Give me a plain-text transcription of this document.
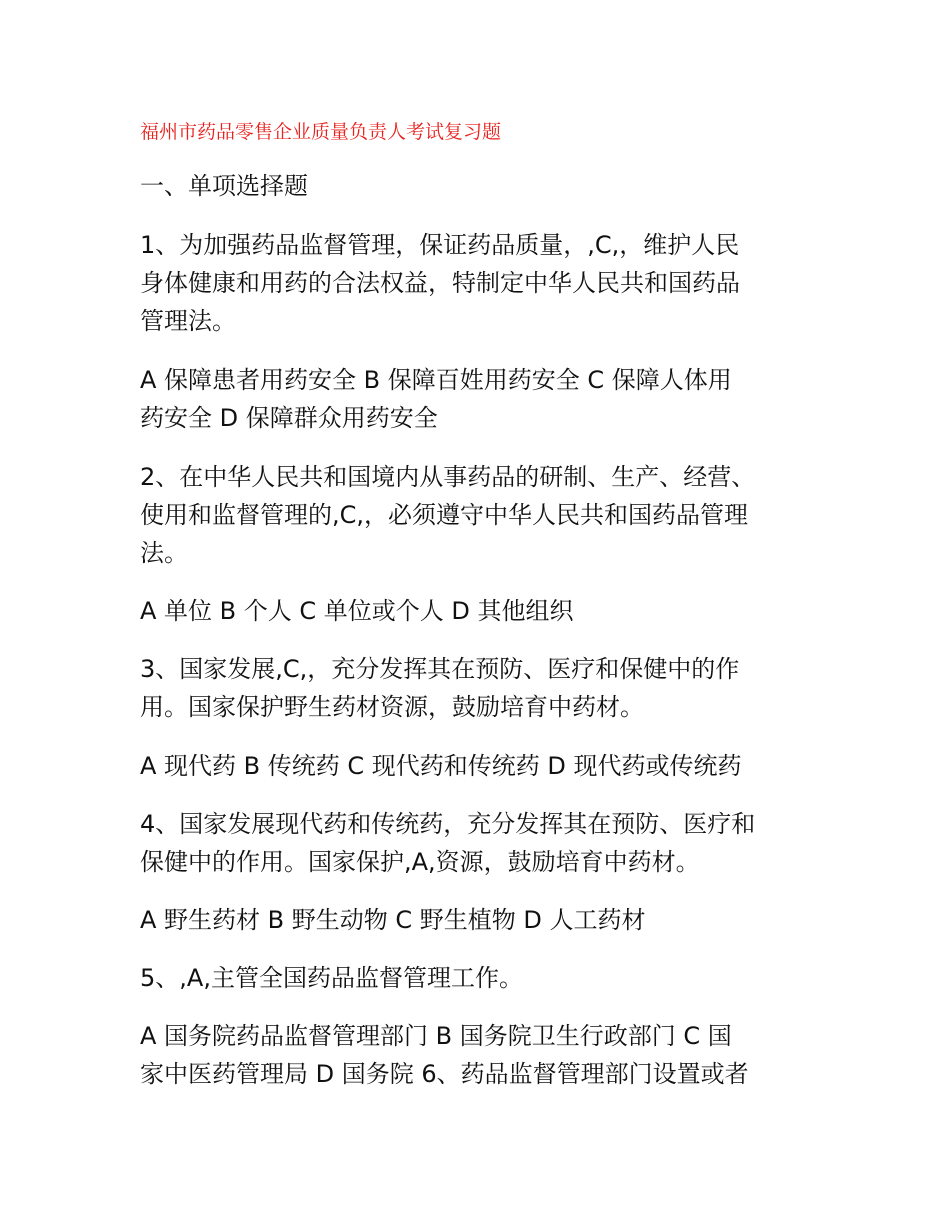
福州市药品零售企业质量负责人考试复习题
一、单项选择题
1、为加强药品监督管理，保证药品质量，,C,，维护人民
身体健康和用药的合法权益，特制定中华人民共和国药品
管理法。
A 保障患者用药安全 B 保障百姓用药安全 C 保障人体用
药安全 D 保障群众用药安全
2、在中华人民共和国境内从事药品的研制、生产、经营、
使用和监督管理的,C,，必须遵守中华人民共和国药品管理
法。
A 单位 B 个人 C 单位或个人 D 其他组织
3、国家发展,C,，充分发挥其在预防、医疗和保健中的作
用。国家保护野生药材资源，鼓励培育中药材。
A 现代药 B 传统药 C 现代药和传统药 D 现代药或传统药
4、国家发展现代药和传统药，充分发挥其在预防、医疗和
保健中的作用。国家保护,A,资源，鼓励培育中药材。
A 野生药材 B 野生动物 C 野生植物 D 人工药材
5、,A,主管全国药品监督管理工作。
A 国务院药品监督管理部门 B 国务院卫生行政部门 C 国
家中医药管理局 D 国务院 6、药品监督管理部门设置或者
